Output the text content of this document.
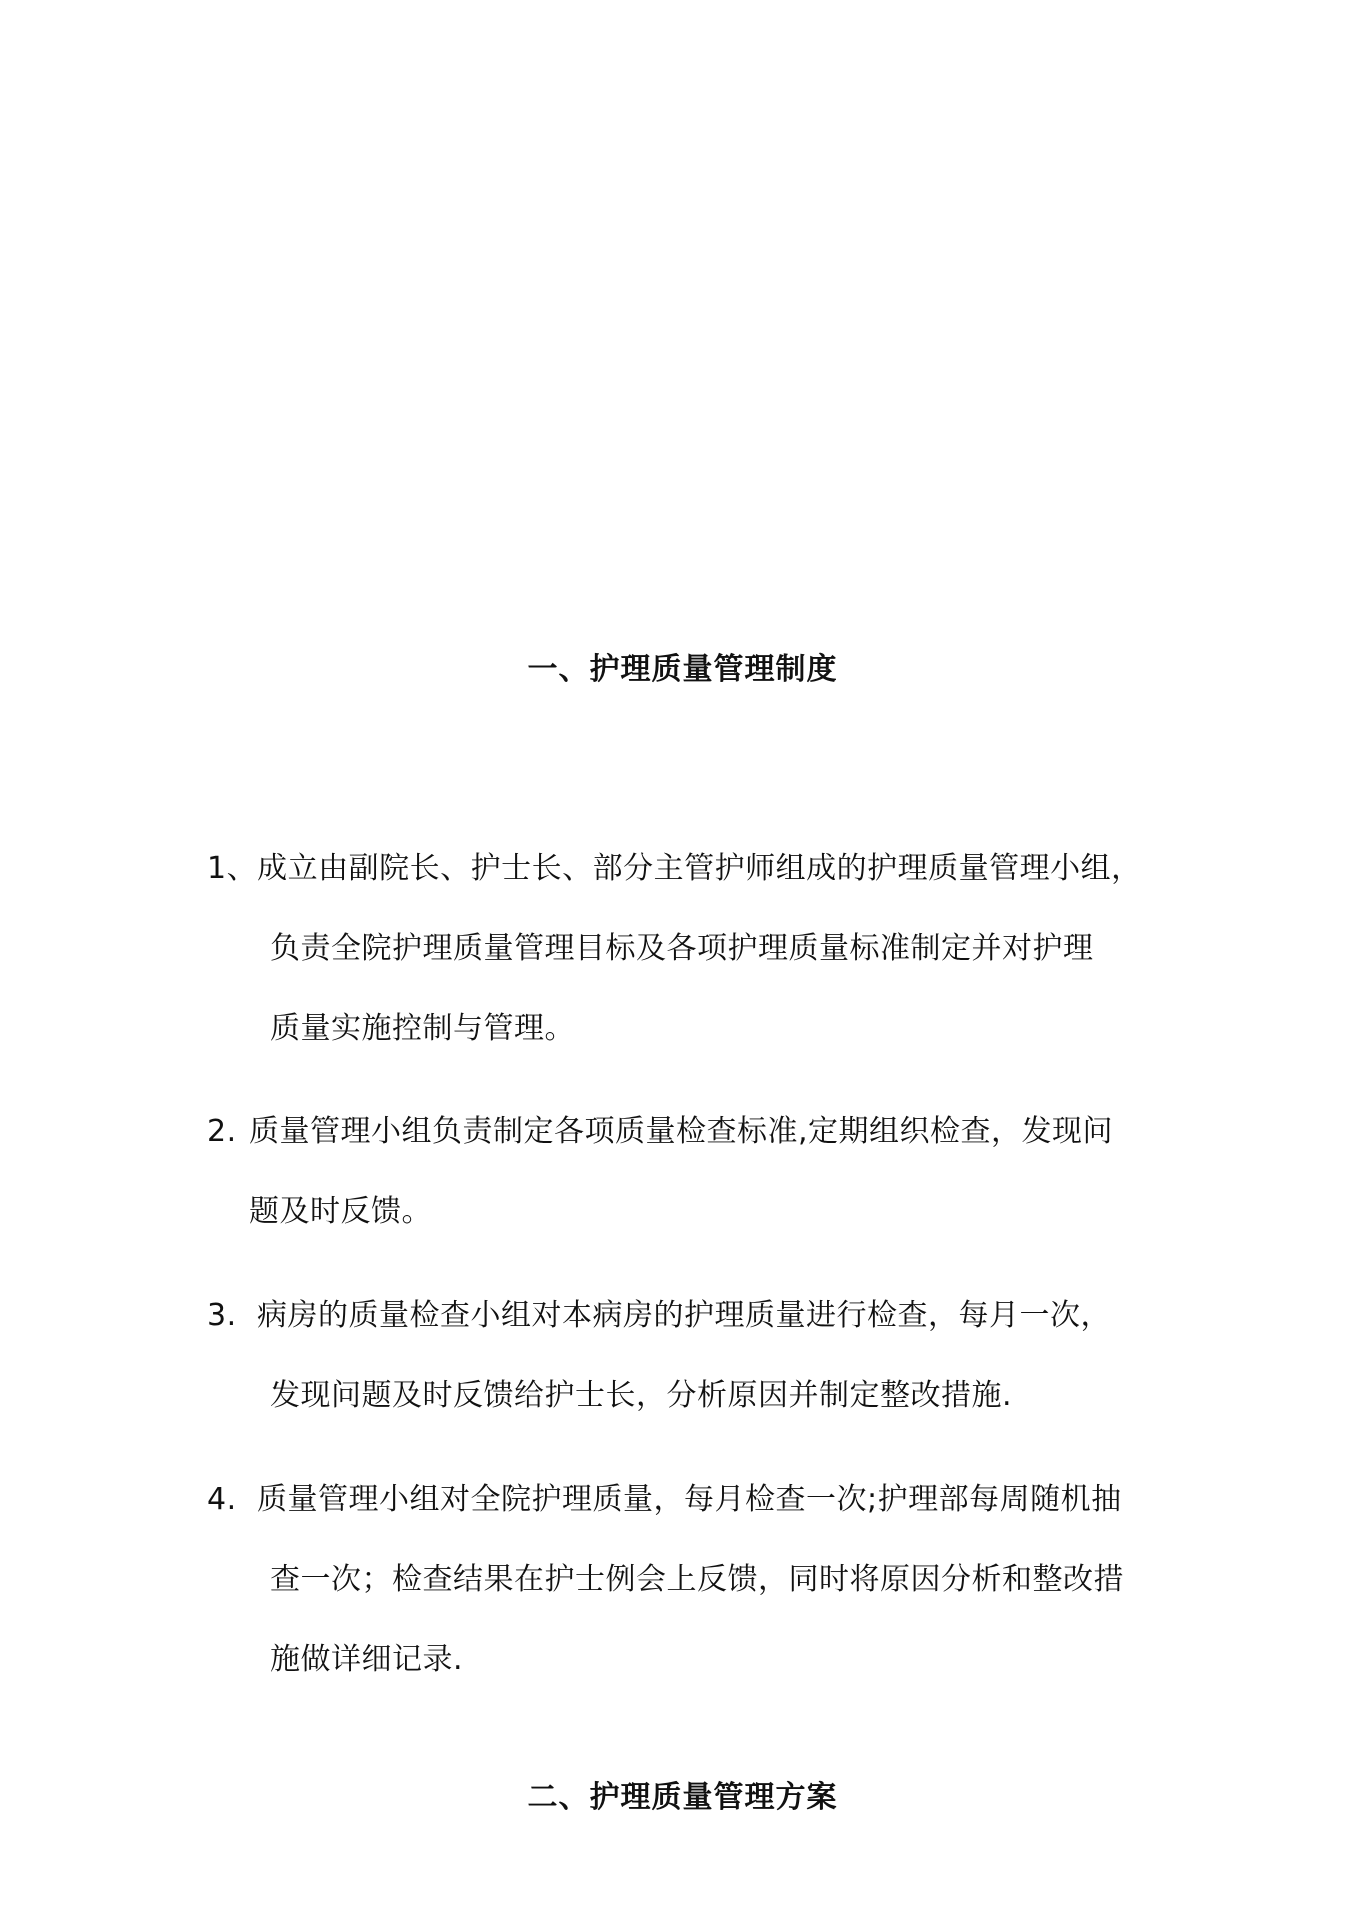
一、护理质量管理制度

1、成立由副院长、护士长、部分主管护师组成的护理质量管理小组，

负责全院护理质量管理目标及各项护理质量标准制定并对护理

质量实施控制与管理。

2. 质量管理小组负责制定各项质量检查标准,定期组织检查，发现问

题及时反馈。

3. 病房的质量检查小组对本病房的护理质量进行检查，每月一次，

发现问题及时反馈给护士长，分析原因并制定整改措施.

4. 质量管理小组对全院护理质量，每月检查一次;护理部每周随机抽

查一次；检查结果在护士例会上反馈，同时将原因分析和整改措

施做详细记录.

二、护理质量管理方案
